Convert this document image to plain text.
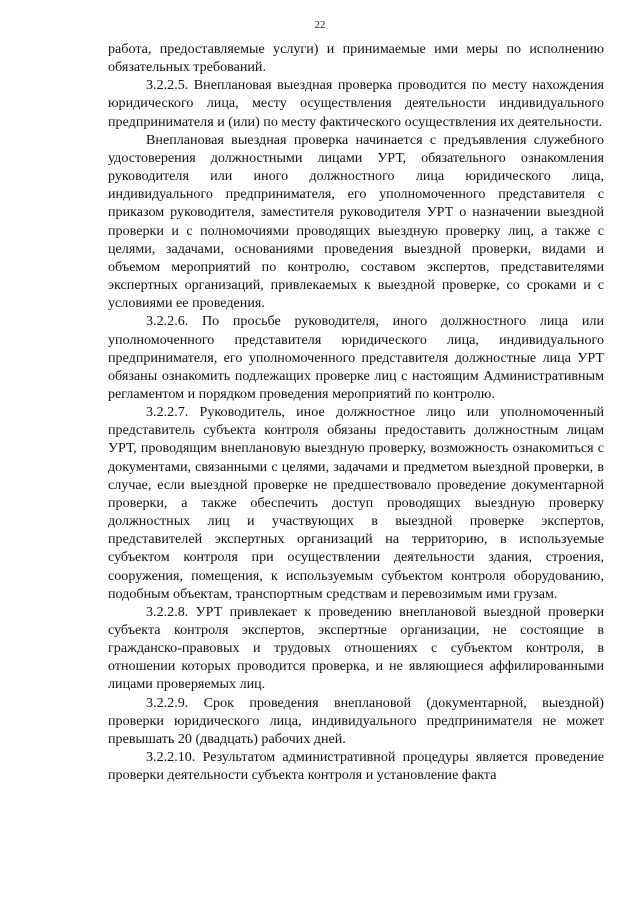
22

работа, предоставляемые услуги) и принимаемые ими меры по исполнению обязательных требований.

3.2.2.5. Внеплановая выездная проверка проводится по месту нахождения юридического лица, месту осуществления деятельности индивидуального предпринимателя и (или) по месту фактического осуществления их деятельности.

Внеплановая выездная проверка начинается с предъявления служебного удостоверения должностными лицами УРТ, обязательного ознакомления руководителя или иного должностного лица юридического лица, индивидуального предпринимателя, его уполномоченного представителя с приказом руководителя, заместителя руководителя УРТ о назначении выездной проверки и с полномочиями проводящих выездную проверку лиц, а также с целями, задачами, основаниями проведения выездной проверки, видами и объемом мероприятий по контролю, составом экспертов, представителями экспертных организаций, привлекаемых к выездной проверке, со сроками и с условиями ее проведения.

3.2.2.6. По просьбе руководителя, иного должностного лица или уполномоченного представителя юридического лица, индивидуального предпринимателя, его уполномоченного представителя должностные лица УРТ обязаны ознакомить подлежащих проверке лиц с настоящим Административным регламентом и порядком проведения мероприятий по контролю.

3.2.2.7. Руководитель, иное должностное лицо или уполномоченный представитель субъекта контроля обязаны предоставить должностным лицам УРТ, проводящим внеплановую выездную проверку, возможность ознакомиться с документами, связанными с целями, задачами и предметом выездной проверки, в случае, если выездной проверке не предшествовало проведение документарной проверки, а также обеспечить доступ проводящих выездную проверку должностных лиц и участвующих в выездной проверке экспертов, представителей экспертных организаций на территорию, в используемые субъектом контроля при осуществлении деятельности здания, строения, сооружения, помещения, к используемым субъектом контроля оборудованию, подобным объектам, транспортным средствам и перевозимым ими грузам.

3.2.2.8. УРТ привлекает к проведению внеплановой выездной проверки субъекта контроля экспертов, экспертные организации, не состоящие в гражданско-правовых и трудовых отношениях с субъектом контроля, в отношении которых проводится проверка, и не являющиеся аффилированными лицами проверяемых лиц.

3.2.2.9. Срок проведения внеплановой (документарной, выездной) проверки юридического лица, индивидуального предпринимателя не может превышать 20 (двадцать) рабочих дней.

3.2.2.10. Результатом административной процедуры является проведение проверки деятельности субъекта контроля и установление факта
